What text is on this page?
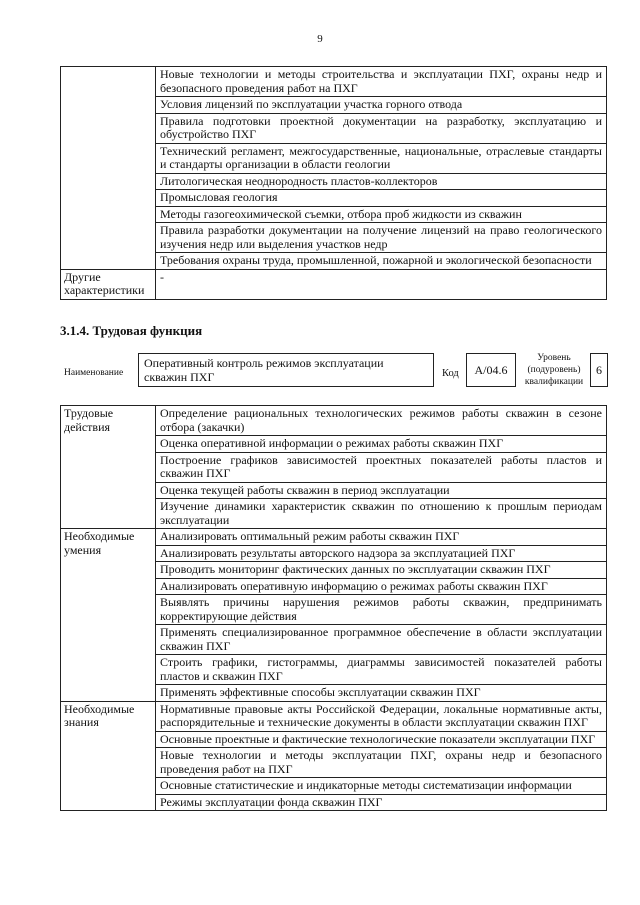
9
	Новые технологии и методы строительства и эксплуатации ПХГ, охраны недр и безопасного проведения работ на ПХГ
	Условия лицензий по эксплуатации участка горного отвода
	Правила подготовки проектной документации на разработку, эксплуатацию и обустройство ПХГ
	Технический регламент, межгосударственные, национальные, отраслевые стандарты и стандарты организации в области геологии
	Литологическая неоднородность пластов-коллекторов
	Промысловая геология
	Методы газогеохимической съемки, отбора проб жидкости из скважин
	Правила разработки документации на получение лицензий на право геологического изучения недр или выделения участков недр
	Требования охраны труда, промышленной, пожарной и экологической безопасности
Другие характеристики	-
3.1.4. Трудовая функция
Наименование
Оперативный контроль режимов эксплуатации скважин ПХГ	Код	А/04.6
Уровень (подуровень) квалификации
6
Трудовые действия	Определение рациональных технологических режимов работы скважин в сезоне отбора (закачки)
	Оценка оперативной информации о режимах работы скважин ПХГ
	Построение графиков зависимостей проектных показателей работы пластов и скважин ПХГ
	Оценка текущей работы скважин в период эксплуатации
	Изучение динамики характеристик скважин по отношению к прошлым периодам эксплуатации
Необходимые умения	Анализировать оптимальный режим работы скважин ПХГ
	Анализировать результаты авторского надзора за эксплуатацией ПХГ
	Проводить мониторинг фактических данных по эксплуатации скважин ПХГ
	Анализировать оперативную информацию о режимах работы скважин ПХГ
	Выявлять причины нарушения режимов работы скважин, предпринимать корректирующие действия
	Применять специализированное программное обеспечение в области эксплуатации скважин ПХГ
	Строить графики, гистограммы, диаграммы зависимостей показателей работы пластов и скважин ПХГ
	Применять эффективные способы эксплуатации скважин ПХГ
Необходимые знания	Нормативные правовые акты Российской Федерации, локальные нормативные акты, распорядительные и технические документы в области эксплуатации скважин ПХГ
	Основные проектные и фактические технологические показатели эксплуатации ПХГ
	Новые технологии и методы эксплуатации ПХГ, охраны недр и безопасного проведения работ на ПХГ
	Основные статистические и индикаторные методы систематизации информации
	Режимы эксплуатации фонда скважин ПХГ
